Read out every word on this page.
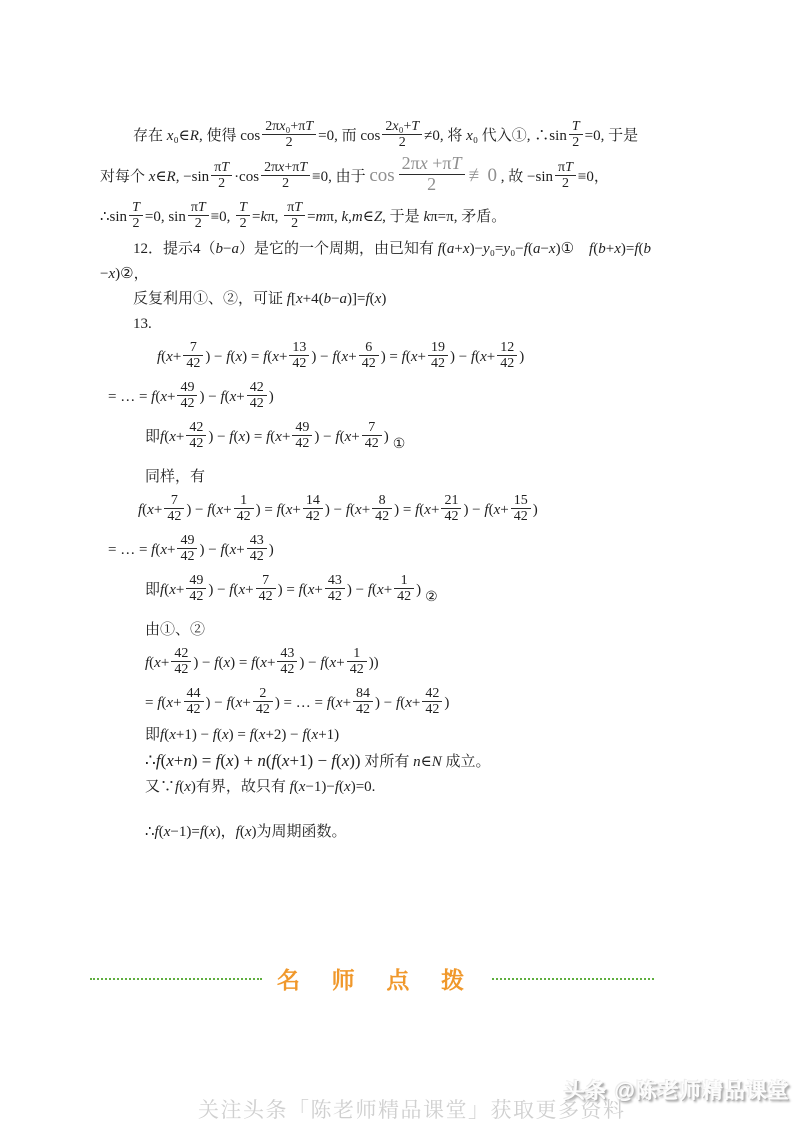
存在 x₀∈R, 使得 $\cos \frac{\text{2πx₀+πT}}{2} =0$, 而 $\cos \frac{\text{2x₀+T}}{2} \ne 0$, 将 x₀ 代入①, ∴sin $\frac{T}{2} =0$, 于是
对每个 x∈R, $-\sin \frac{\pi T}{2} \cdot\cos \frac{2\pi x+\pi T}{2} \equiv 0$, 由于 $\cos \frac{2\pi x +\pi T}{2}$ ≢0 , 故 $-\sin \frac{\pi T}{2} \equiv 0$，
∴sin $\frac{T}{2} =0$, $\sin \frac{\pi T}{2} \equiv 0$, $\frac{T}{2} =k\pi$, $\frac{\pi T}{2} =m\pi$, k,m∈Z, 于是 kπ=π, 矛盾。
12．提示4（b−a）是它的一个周期，由已知有 f(a+x)−y₀=y₀−f(a−x)①　f(b+x)=f(b
−x)②，
反复利用①、②，可证 f[x+4(b−a)]=f(x)
13.
$f(x+ \frac{7}{42}$ ) − $f(x) = f(x+ \frac{13}{42}$ ) − $f(x+ \frac{6}{42}$ ) = $f(x+ \frac{19}{42}$ ) − $f(x+ \frac{12}{42}$ )
= … = $f(x+ \frac{49}{42}$ ) − $f(x+ \frac{42}{42}$ )
即$f(x+ \frac{42}{42}$ ) − $f(x) = f(x+ \frac{49}{42}$ ) − $f(x+ \frac{7}{42}$ ) ①
同样，有
$f(x+ \frac{7}{42}$ ) − $f(x+ \frac{1}{42}$ ) = $f(x+ \frac{14}{42}$ ) − $f(x+ \frac{8}{42}$ ) = $f(x+ \frac{21}{42}$ ) − $f(x+ \frac{15}{42}$ )
= … = $f(x+ \frac{49}{42}$ ) − $f(x+ \frac{43}{42}$ )
即$f(x+ \frac{49}{42}$ ) − $f(x+ \frac{7}{42}$ ) = $f(x+ \frac{43}{42}$ ) − $f(x+ \frac{1}{42}$ ) ②
由①、②
$f(x+ \frac{42}{42}$ ) − $f(x) = f(x+ \frac{43}{42}$ ) − $f(x+ \frac{1}{42}$ ))
= $f(x+ \frac{44}{42}$ ) − $f(x+ \frac{2}{42}$ ) = … = $f(x+ \frac{84}{42}$ ) − $f(x+ \frac{42}{42}$ )
即f(x+1) − f(x) = f(x+2) − f(x+1)
∴f(x+n) = f(x) + n(f(x+1) − f(x)) 对所有 n∈N 成立。
又∵f(x)有界，故只有 f(x−1)−f(x)=0.
∴f(x−1)=f(x)，f(x)为周期函数。
名 师 点 拨
头条 @陈老师精品课堂
关注头条「陈老师精品课堂」获取更多资料
